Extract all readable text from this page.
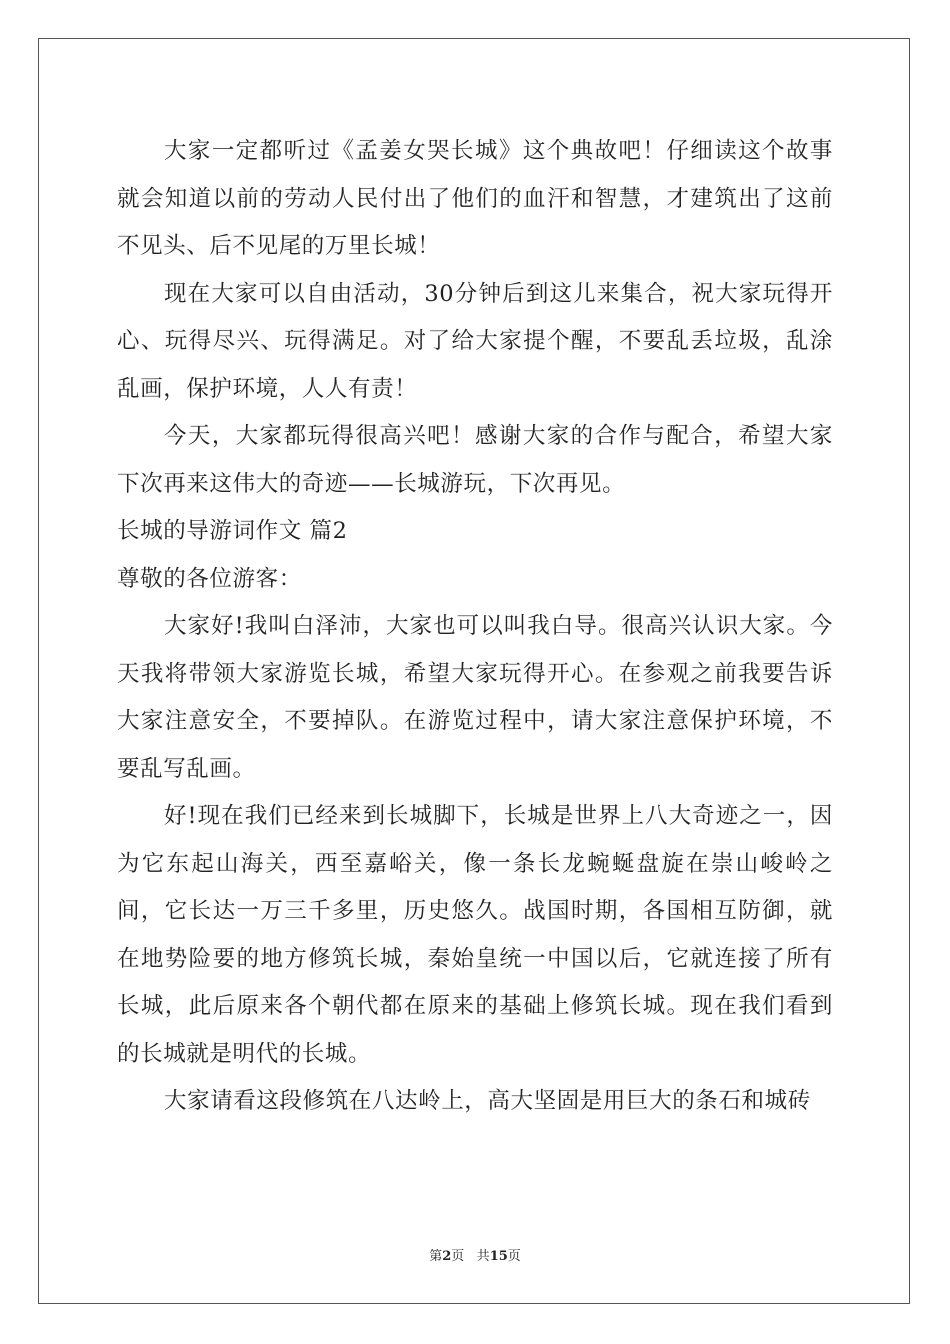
大家一定都听过《孟姜女哭长城》这个典故吧！仔细读这个故事就会知道以前的劳动人民付出了他们的血汗和智慧，才建筑出了这前不见头、后不见尾的万里长城！

现在大家可以自由活动，30分钟后到这儿来集合，祝大家玩得开心、玩得尽兴、玩得满足。对了给大家提个醒，不要乱丢垃圾，乱涂乱画，保护环境，人人有责！

今天，大家都玩得很高兴吧！感谢大家的合作与配合，希望大家下次再来这伟大的奇迹——长城游玩，下次再见。

长城的导游词作文 篇2

尊敬的各位游客：

大家好!我叫白泽沛，大家也可以叫我白导。很高兴认识大家。今天我将带领大家游览长城，希望大家玩得开心。在参观之前我要告诉大家注意安全，不要掉队。在游览过程中，请大家注意保护环境，不要乱写乱画。

好!现在我们已经来到长城脚下，长城是世界上八大奇迹之一，因为它东起山海关，西至嘉峪关，像一条长龙蜿蜒盘旋在崇山峻岭之间，它长达一万三千多里，历史悠久。战国时期，各国相互防御，就在地势险要的地方修筑长城，秦始皇统一中国以后，它就连接了所有长城，此后原来各个朝代都在原来的基础上修筑长城。现在我们看到的长城就是明代的长城。

大家请看这段修筑在八达岭上，高大坚固是用巨大的条石和城砖

第2页 共15页
